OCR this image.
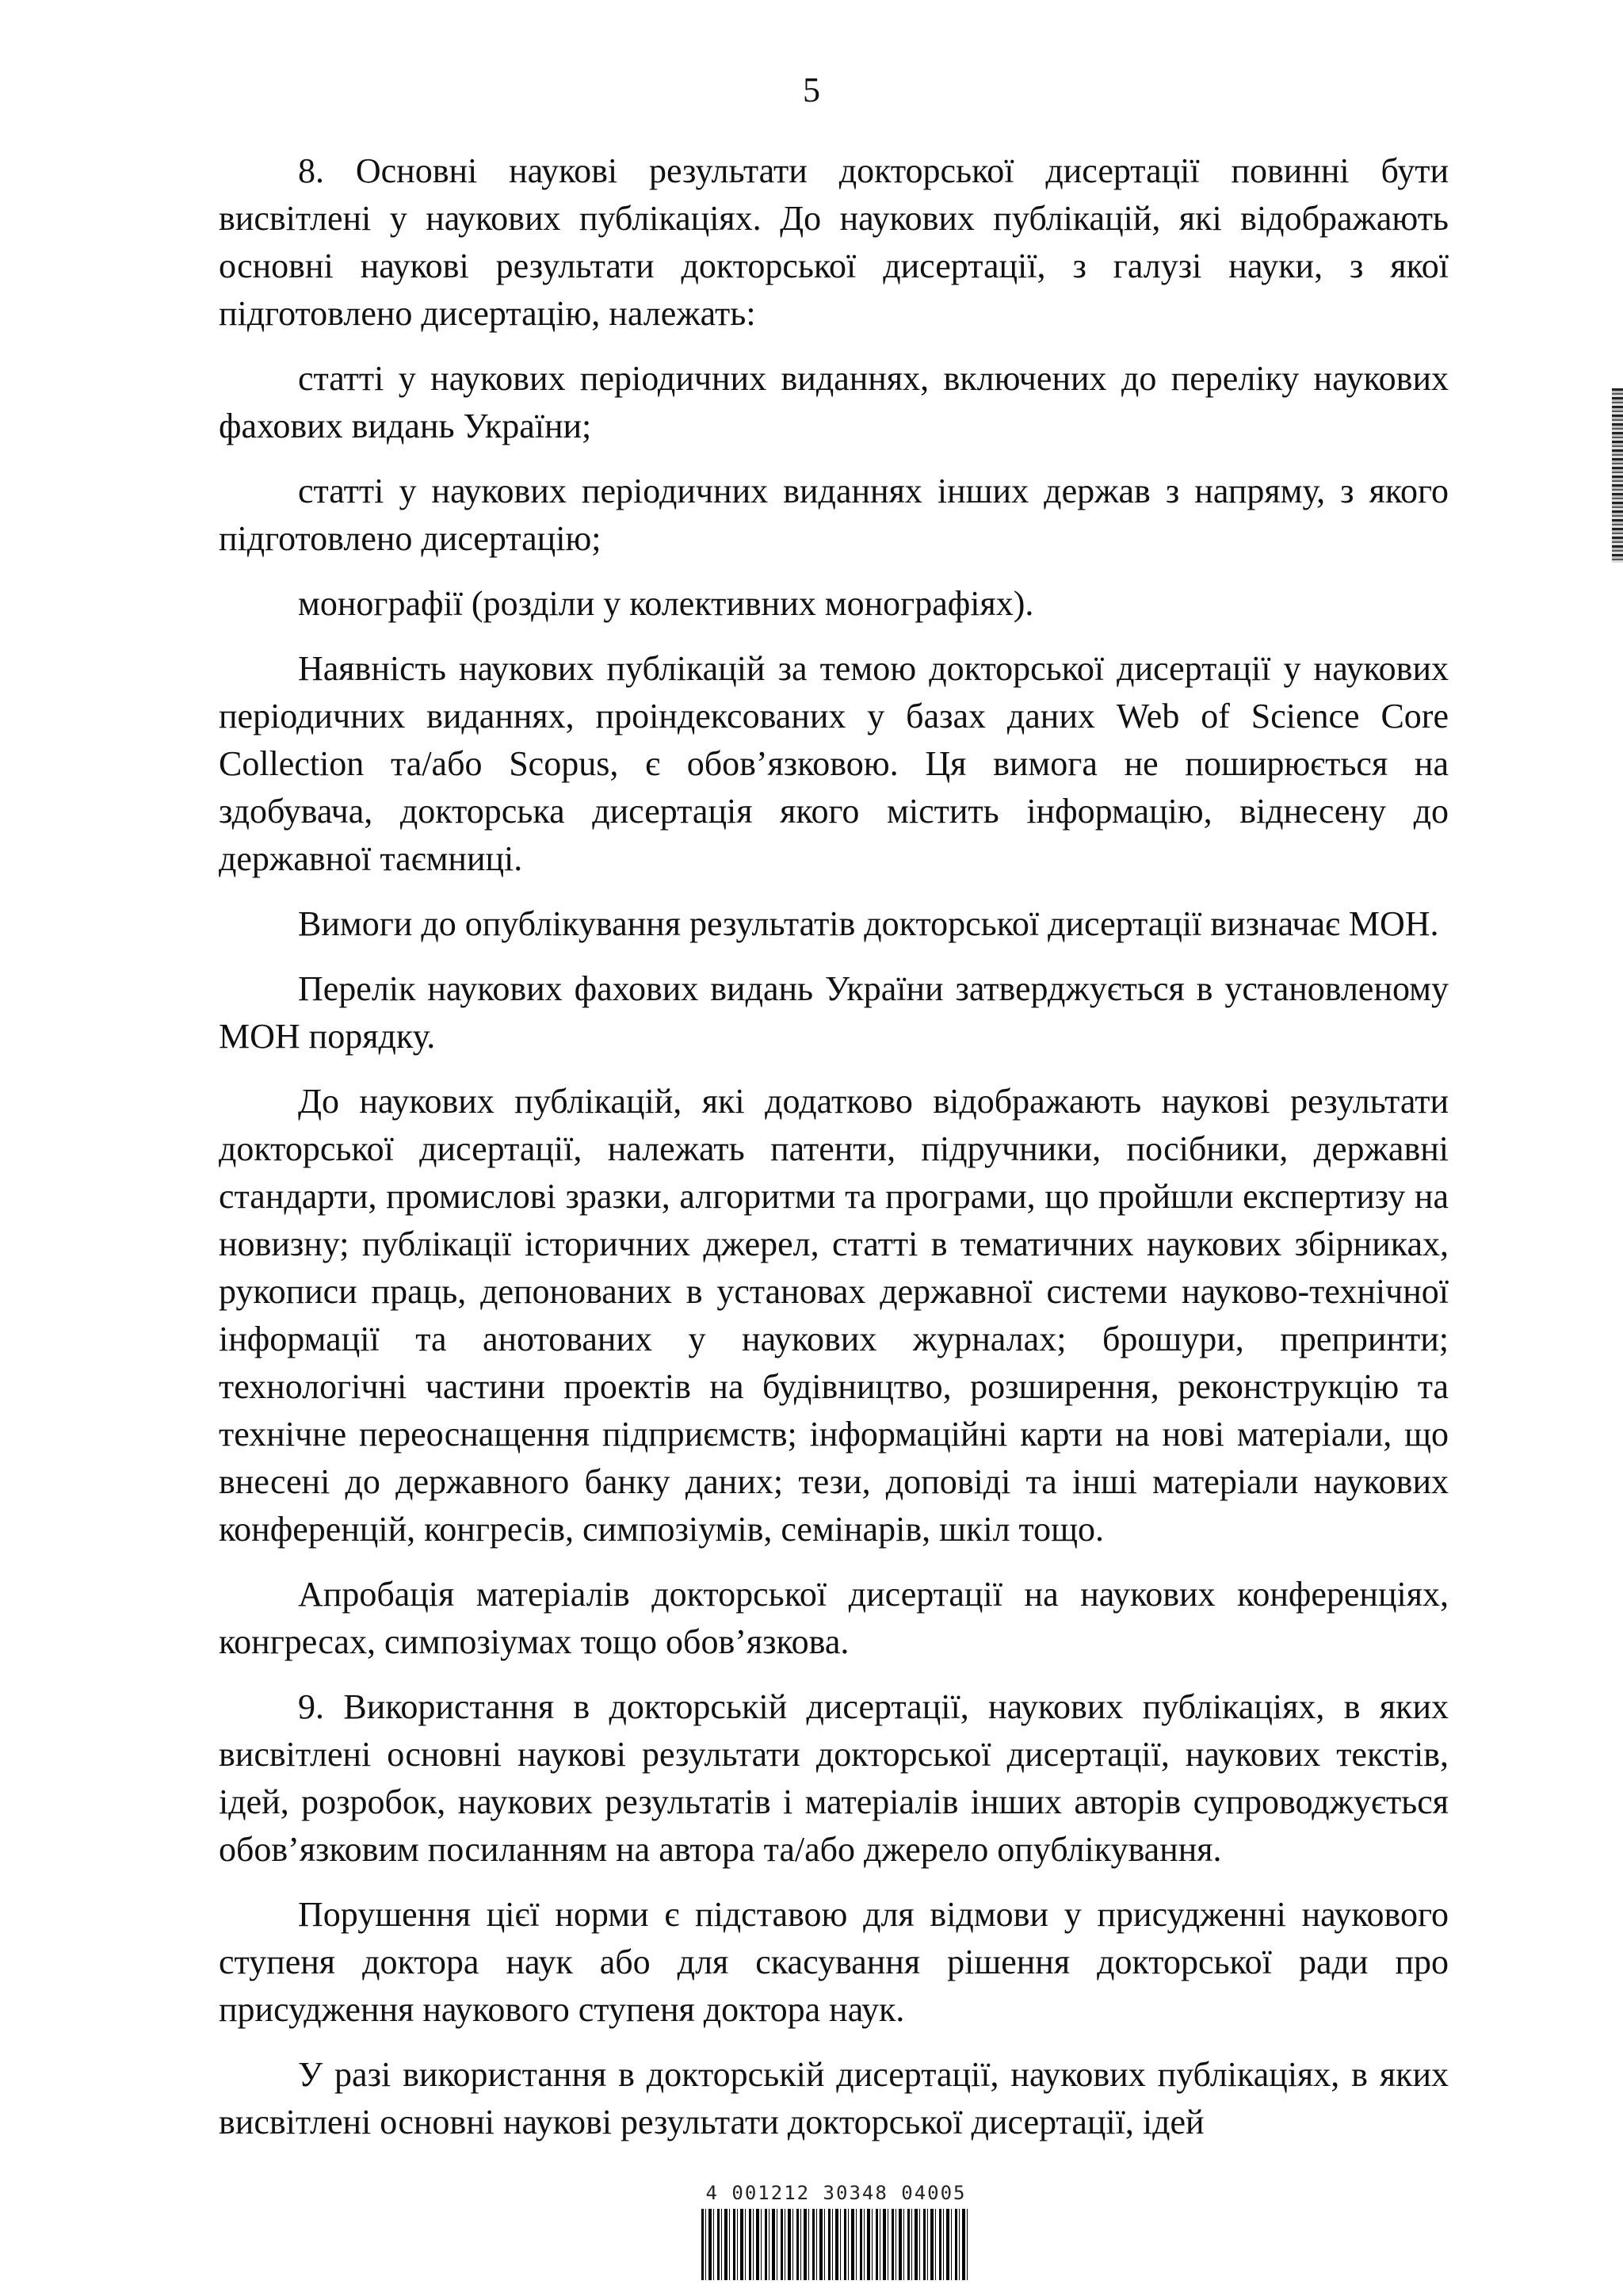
5

8. Основні наукові результати докторської дисертації повинні бути висвітлені у наукових публікаціях. До наукових публікацій, які відображають основні наукові результати докторської дисертації, з галузі науки, з якої підготовлено дисертацію, належать:

статті у наукових періодичних виданнях, включених до переліку наукових фахових видань України;

статті у наукових періодичних виданнях інших держав з напряму, з якого підготовлено дисертацію;

монографії (розділи у колективних монографіях).

Наявність наукових публікацій за темою докторської дисертації у наукових періодичних виданнях, проіндексованих у базах даних Web of Science Core Collection та/або Scopus, є обов’язковою. Ця вимога не поширюється на здобувача, докторська дисертація якого містить інформацію, віднесену до державної таємниці.

Вимоги до опублікування результатів докторської дисертації визначає МОН.

Перелік наукових фахових видань України затверджується в установленому МОН порядку.

До наукових публікацій, які додатково відображають наукові результати докторської дисертації, належать патенти, підручники, посібники, державні стандарти, промислові зразки, алгоритми та програми, що пройшли експертизу на новизну; публікації історичних джерел, статті в тематичних наукових збірниках, рукописи праць, депонованих в установах державної системи науково-технічної інформації та анотованих у наукових журналах; брошури, препринти; технологічні частини проектів на будівництво, розширення, реконструкцію та технічне переоснащення підприємств; інформаційні карти на нові матеріали, що внесені до державного банку даних; тези, доповіді та інші матеріали наукових конференцій, конгресів, симпозіумів, семінарів, шкіл тощо.

Апробація матеріалів докторської дисертації на наукових конференціях, конгресах, симпозіумах тощо обов’язкова.

9. Використання в докторській дисертації, наукових публікаціях, в яких висвітлені основні наукові результати докторської дисертації, наукових текстів, ідей, розробок, наукових результатів і матеріалів інших авторів супроводжується обов’язковим посиланням на автора та/або джерело опублікування.

Порушення цієї норми є підставою для відмови у присудженні наукового ступеня доктора наук або для скасування рішення докторської ради про присудження наукового ступеня доктора наук.

У разі використання в докторській дисертації, наукових публікаціях, в яких висвітлені основні наукові результати докторської дисертації, ідей

4 001212 30348 04005
